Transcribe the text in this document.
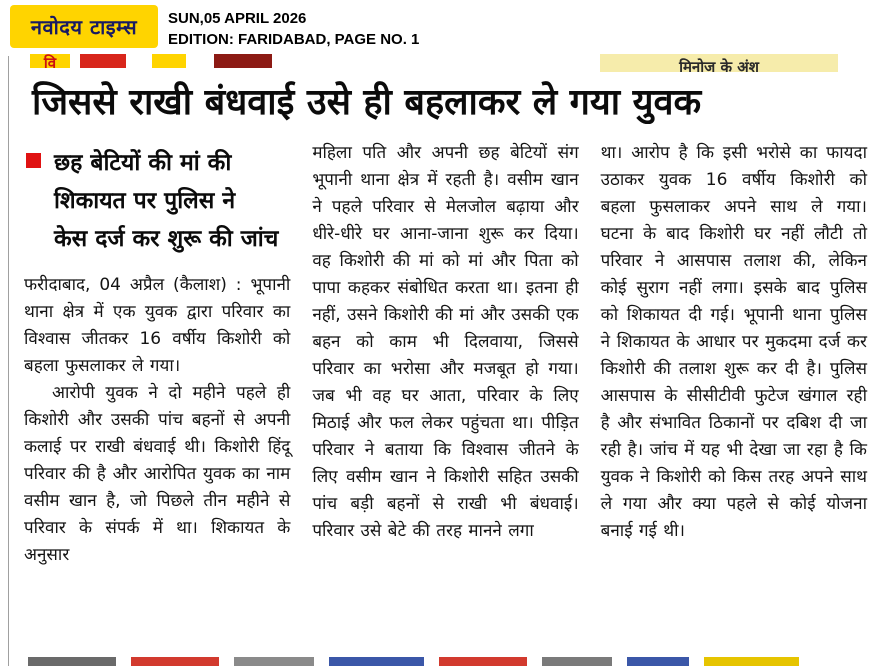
नवोदय टाइम्स SUN,05 APRIL 2026
EDITION: FARIDABAD, PAGE NO. 1
वि	मिनोज के अंश
जिससे राखी बंधवाई उसे ही बहलाकर ले गया युवक
छह बेटियों की मां की
शिकायत पर पुलिस ने
केस दर्ज कर शुरू की जांच

फरीदाबाद, 04 अप्रैल (कैलाश) : भूपानी थाना क्षेत्र में एक युवक द्वारा परिवार का विश्वास जीतकर 16 वर्षीय किशोरी को बहला फुसलाकर ले गया।

आरोपी युवक ने दो महीने पहले ही किशोरी और उसकी पांच बहनों से अपनी कलाई पर राखी बंधवाई थी। किशोरी हिंदू परिवार की है और आरोपित युवक का नाम वसीम खान है, जो पिछले तीन महीने से परिवार के संपर्क में था। शिकायत के अनुसार

महिला पति और अपनी छह बेटियों संग भूपानी थाना क्षेत्र में रहती है। वसीम खान ने पहले परिवार से मेलजोल बढ़ाया और धीरे-धीरे घर आना-जाना शुरू कर दिया। वह किशोरी की मां को मां और पिता को पापा कहकर संबोधित करता था। इतना ही नहीं, उसने किशोरी की मां और उसकी एक बहन को काम भी दिलवाया, जिससे परिवार का भरोसा और मजबूत हो गया। जब भी वह घर आता, परिवार के लिए मिठाई और फल लेकर पहुंचता था। पीड़ित परिवार ने बताया कि विश्वास जीतने के लिए वसीम खान ने किशोरी सहित उसकी पांच बड़ी बहनों से राखी भी बंधवाई। परिवार उसे बेटे की तरह मानने लगा

था। आरोप है कि इसी भरोसे का फायदा उठाकर युवक 16 वर्षीय किशोरी को बहला फुसलाकर अपने साथ ले गया। घटना के बाद किशोरी घर नहीं लौटी तो परिवार ने आसपास तलाश की, लेकिन कोई सुराग नहीं लगा। इसके बाद पुलिस को शिकायत दी गई। भूपानी थाना पुलिस ने शिकायत के आधार पर मुकदमा दर्ज कर किशोरी की तलाश शुरू कर दी है। पुलिस आसपास के सीसीटीवी फुटेज खंगाल रही है और संभावित ठिकानों पर दबिश दी जा रही है। जांच में यह भी देखा जा रहा है कि युवक ने किशोरी को किस तरह अपने साथ ले गया और क्या पहले से कोई योजना बनाई गई थी।
